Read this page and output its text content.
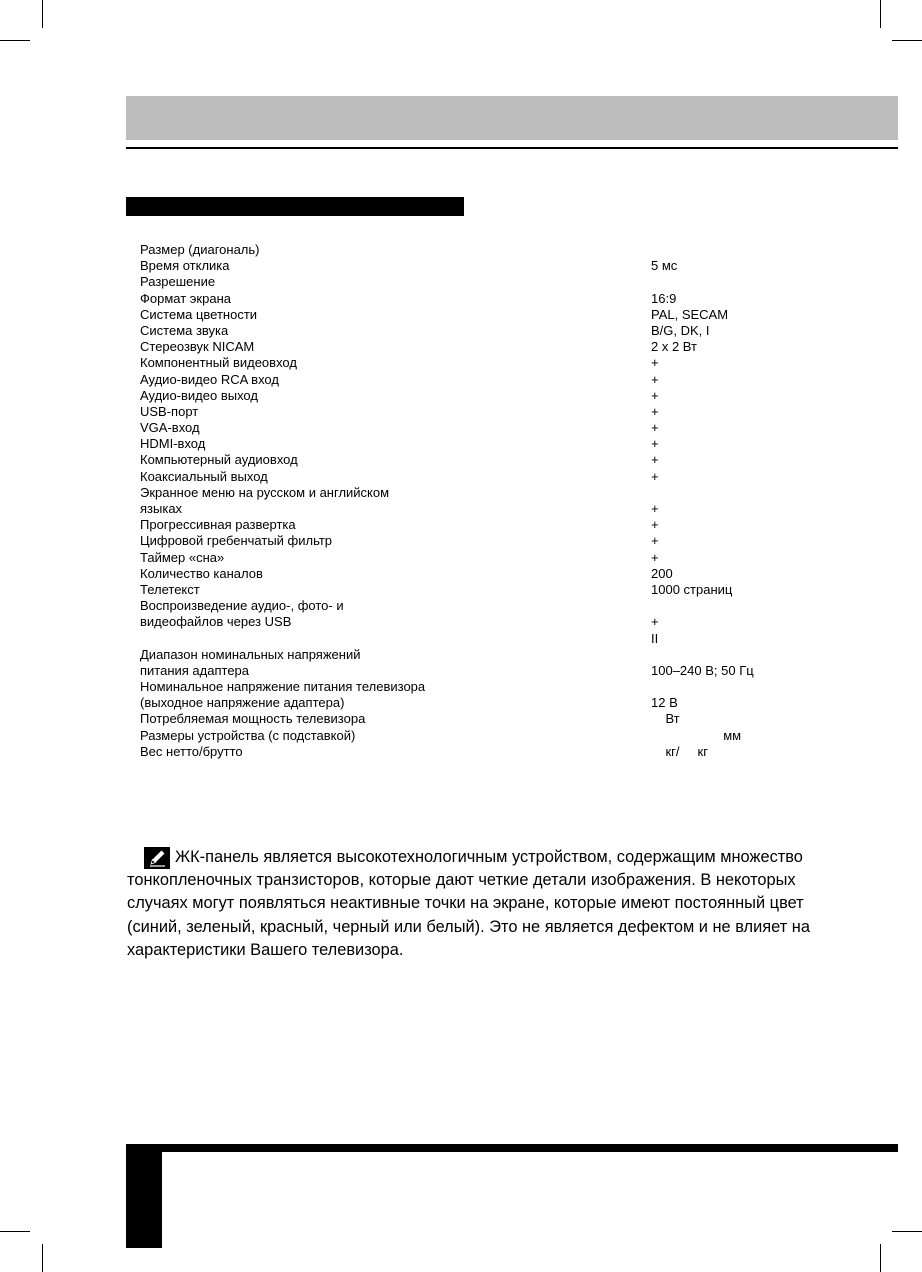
Размер (диагональ)
Время отклика	5 мс
Разрешение
Формат экрана	16:9
Система цветности	PAL, SECAM
Система звука	B/G, DK, I
Стереозвук NICAM	2 x 2 Вт
Компонентный видеовход	+
Аудио-видео RCA вход	+
Аудио-видео выход	+
USB-порт	+
VGA-вход	+
HDMI-вход	+
Компьютерный аудиовход	+
Коаксиальный выход	+
Экранное меню на русском и английском
языках	+
Прогрессивная развертка	+
Цифровой гребенчатый фильтр	+
Таймер «сна»	+
Количество каналов	200
Телетекст	1000 страниц
Воспроизведение аудио-, фото- и
видеофайлов через USB	+
II
Диапазон номинальных напряжений
питания адаптера	100–240 В; 50 Гц
Номинальное напряжение питания телевизора
(выходное напряжение адаптера)	12 В
Потребляемая мощность телевизора	Вт
Размеры устройства (с подставкой)	мм
Вес нетто/брутто	кг/     кг
ЖК-панель является высокотехнологичным устройством, содержащим множество тонкопленочных транзисторов, которые дают четкие детали изображения. В некоторых случаях могут появляться неактивные точки на экране, которые имеют постоянный цвет (синий, зеленый, красный, черный или белый). Это не является дефектом и не влияет на характеристики Вашего телевизора.
